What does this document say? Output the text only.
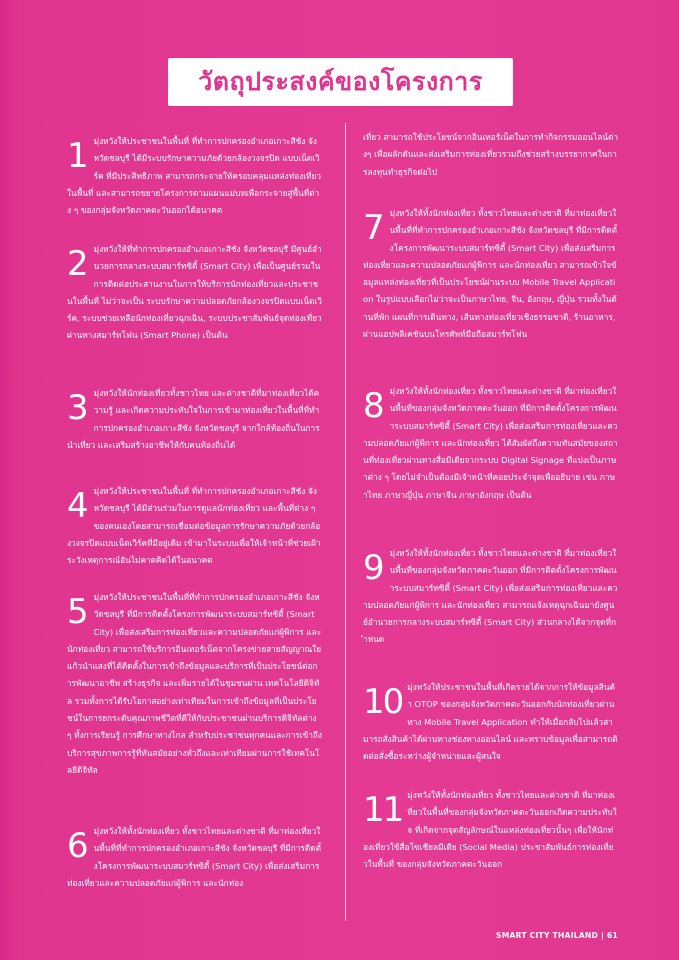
วัตถุประสงค์ของโครงการ
1 มุ่งหวังให้ประชาชนในพื้นที่ ที่ทำการปกครองอำเภอเกาะสีชัง จังหวัดชลบุรี ได้มีระบบรักษาความภัยด้วยกล้องวงจรปิด แบบเน็ตเวิร์ค ที่มีประสิทธิภาพ สามารถกระจายให้ครอบคลุมแหล่งท่องเที่ยวในพื้นที่ และสามารถขยายโครงการตามแผนแม่บทเพื่อกระจายสู่พื้นที่ต่าง ๆ ของกลุ่มจังหวัดภาคตะวันออกได้อนาคต
2 มุ่งหวังให้ที่ทำการปกครองอำเภอเกาะสีชัง จังหวัดชลบุรี มีศูนย์อำนวยการกลางระบบสมาร์ทซิตี้ (Smart City) เพื่อเป็นศูนย์รวมในการติดต่อประสานงานในการให้บริการนักท่องเที่ยวและประชาชนในพื้นที่ ไม่ว่าจะเป็น ระบบรักษาความปลอดภัยกล้องวงจรปิดแบบเน็ตเวิร์ค, ระบบช่วยเหลือนักท่องเที่ยวฉุกเฉิน, ระบบประชาสัมพันธ์จุดท่องเที่ยวผ่านทางสมาร์ทโฟน (Smart Phone) เป็นต้น
3 มุ่งหวังให้นักท่องเที่ยวทั้งชาวไทย และต่างชาติที่มาท่องเที่ยวได้ความรู้ และเกิดความประทับใจในการเข้ามาท่องเที่ยวในพื้นที่ที่ทำการปกครองอำเภอเกาะสีชัง จังหวัดชลบุรี จากใกล้ท้องถิ่นในการนำเที่ยว และเสริมสร้างอาชีพให้กับคนท้องถิ่นได้
4 มุ่งหวังให้ประชาชนในพื้นที่ ที่ทำการปกครองอำเภอเกาะสีชัง จังหวัดชลบุรี ได้มีส่วนร่วมในการดูแลนักท่องเที่ยว และพื้นที่ต่าง ๆ ของตนเองโดยสามารถเชื่อมต่อข้อมูลการรักษาความภัยด้วยกล้องวงจรปิดแบบเน็ตเวิร์คที่มีอยู่เดิม เข้ามาในระบบเพื่อให้เจ้าหน้าที่ช่วยเฝ้าระวังเหตุการณ์อันไม่คาดคิดได้ในอนาคต
5 มุ่งหวังให้ประชาชนในพื้นที่ที่ทำการปกครองอำเภอเกาะสีชัง จังหวัดชลบุรี ที่มีการติดตั้งโครงการพัฒนาระบบสมาร์ทซิตี้ (Smart City) เพื่อส่งเสริมการท่องเที่ยวและความปลอดภัยแก่ผู้พิการ และนักท่องเที่ยว สามารถใช้บริการอินเทอร์เน็ตจากโครงข่ายสายสัญญาณใยแก้วนำแสงที่ได้ติดตั้งในการเข้าถึงข้อมูลและบริการที่เป็นประโยชน์ต่อการพัฒนาอาชีพ สร้างธุรกิจ และเพิ่มรายได้ในชุมชนผ่าน เทคโนโลยีดิจิทัล รวมทั้งการได้รับโอกาสอย่างเท่าเทียมในการเข้าถึงข้อมูลที่เป็นประโยชน์ในการยกระดับคุณภาพชีวิตที่ดีให้กับประชาชนผ่านบริการดิจิทัลต่าง ๆ ทั้งการเรียนรู้ การศึกษาทางไกล สำหรับประชาชนทุกคนและการเข้าถึงบริการสุขภาพการรู้ที่ทันสมัยอย่างทั่วถึงและเท่าเทียมผ่านการใช้เทคโนโลยีดิจิทัล
6 มุ่งหวังให้ทั้งนักท่องเที่ยว ทั้งชาวไทยและต่างชาติ ที่มาท่องเที่ยวในพื้นที่ที่ทำการปกครองอำเภอเกาะสีชัง จังหวัดชลบุรี ที่มีการติดตั้งโครงการพัฒนาระบบสมาร์ทซิตี้ (Smart City) เพื่อส่งเสริมการท่องเที่ยวและความปลอดภัยแก่ผู้พิการ และนักท่อง
เที่ยว สามารถใช้ประโยชน์จากอินเทอร์เน็ตในการทำกิจกรรมออนไลน์ต่างๆ เพื่อผลักดันและส่งเสริมการท่องเที่ยวรวมถึงช่วยสร้างบรรยากาศในการลงทุนทำธุรกิจต่อไป
7 มุ่งหวังให้ทั้งนักท่องเที่ยว ทั้งชาวไทยและต่างชาติ ที่มาท่องเที่ยวในพื้นที่ที่ทำการปกครองอำเภอเกาะสีชัง จังหวัดชลบุรี ที่มีการติดตั้งโครงการพัฒนาระบบสมาร์ทซิตี้ (Smart City) เพื่อส่งเสริมการท่องเที่ยวและความปลอดภัยแก่ผู้พิการ และนักท่องเที่ยว สามารถเข้าใจข้อมูลแหล่งท่องเที่ยวที่เป็นประโยชน์ผ่านระบบ Mobile Travel Application ในรูปแบบเลือกไม่ว่าจะเป็นภาษาไทย, จีน, อังกฤษ, ญี่ปุ่น รวมทั้งในด้านที่พัก แผนที่การเดินทาง, เส้นทางท่องเที่ยวเชิงธรรมชาติ, ร้านอาหาร, ผ่านแอปพลิเคชันบนโทรศัพท์มือถือสมาร์ทโฟน
8 มุ่งหวังให้ทั้งนักท่องเที่ยว ทั้งชาวไทยและต่างชาติ ที่มาท่องเที่ยวในพื้นที่ของกลุ่มจังหวัดภาคตะวันออก ที่มีการติดตั้งโครงการพัฒนาระบบสมาร์ทซิตี้ (Smart City) เพื่อส่งเสริมการท่องเที่ยวและความปลอดภัยแก่ผู้พิการ และนักท่องเที่ยว ได้สัมผัสถึงความทันสมัยของสถานที่ท่องเที่ยวผ่านทางสื่อมีเดียจากระบบ Digital Signage ที่แบ่งเป็นภาษาต่าง ๆ โดยไม่จำเป็นต้องมีเจ้าหน้าที่คอยประจำจุดเพื่ออธิบาย เช่น ภาษาไทย ภาษาญี่ปุ่น ภาษาจีน ภาษาอังกฤษ เป็นต้น
9 มุ่งหวังให้ทั้งนักท่องเที่ยว ทั้งชาวไทยและต่างชาติ ที่มาท่องเที่ยวในพื้นที่ของกลุ่มจังหวัดภาคตะวันออก ที่มีการติดตั้งโครงการพัฒนาระบบสมาร์ทซิตี้ (Smart City) เพื่อส่งเสริมการท่องเที่ยวและความปลอดภัยแก่ผู้พิการ และนักท่องเที่ยว สามารถแจ้งเหตุฉุกเฉินมายังศูนย์อำนวยการกลางระบบสมาร์ทซิตี้ (Smart City) ส่วนกลางได้จากจุดที่กำหนด
10 มุ่งหวังให้ประชาชนในพื้นที่เกิดรายได้จากการให้ข้อมูลสินค้า OTOP ของกลุ่มจังหวัดภาคตะวันออกกับนักท่องเที่ยวผ่านทาง Mobile Travel Application ทำให้เมื่อกลับไปแล้วสามารถสั่งสินค้าได้ผ่านทางช่องทางออนไลน์ และทราบข้อมูลเพื่อสามารถติดต่อสั่งซื้อระหว่างผู้จำหน่ายและผู้สนใจ
11 มุ่งหวังให้ทั้งนักท่องเที่ยว ทั้งชาวไทยและต่างชาติ ที่มาท่องเที่ยวในพื้นที่ของกลุ่มจังหวัดภาคตะวันออกเกิดความประทับใจ ที่เกิดจากจุดสัญลักษณ์ในแหล่งท่องเที่ยวนั้นๆ เพื่อให้นักท่องเที่ยวใช้สื่อโซเชียลมีเดีย (Social Media) ประชาสัมพันธ์การท่องเที่ยวในพื้นที่ ของกลุ่มจังหวัดภาคตะวันออก
SMART CITY THAILAND | 61
